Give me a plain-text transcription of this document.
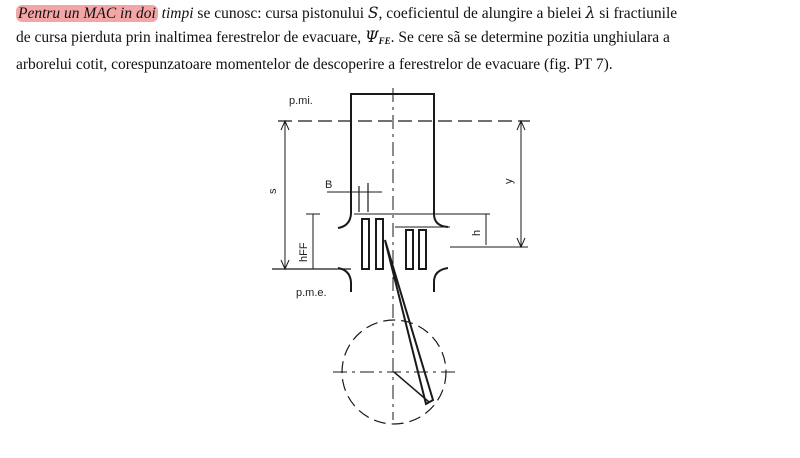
Pentru un MAC in doi timpi se cunosc: cursa pistonului S, coeficientul de alungire a bielei λ si fractiunile
de cursa pierduta prin inaltimea ferestrelor de evacuare, ΨFE. Se cere sã se determine pozitia unghiulara a
arborelui cotit, corespunzatoare momentelor de descoperire a ferestrelor de evacuare (fig. PT 7).
p.mi.
p.m.e.
s
B
hFF
h
y
